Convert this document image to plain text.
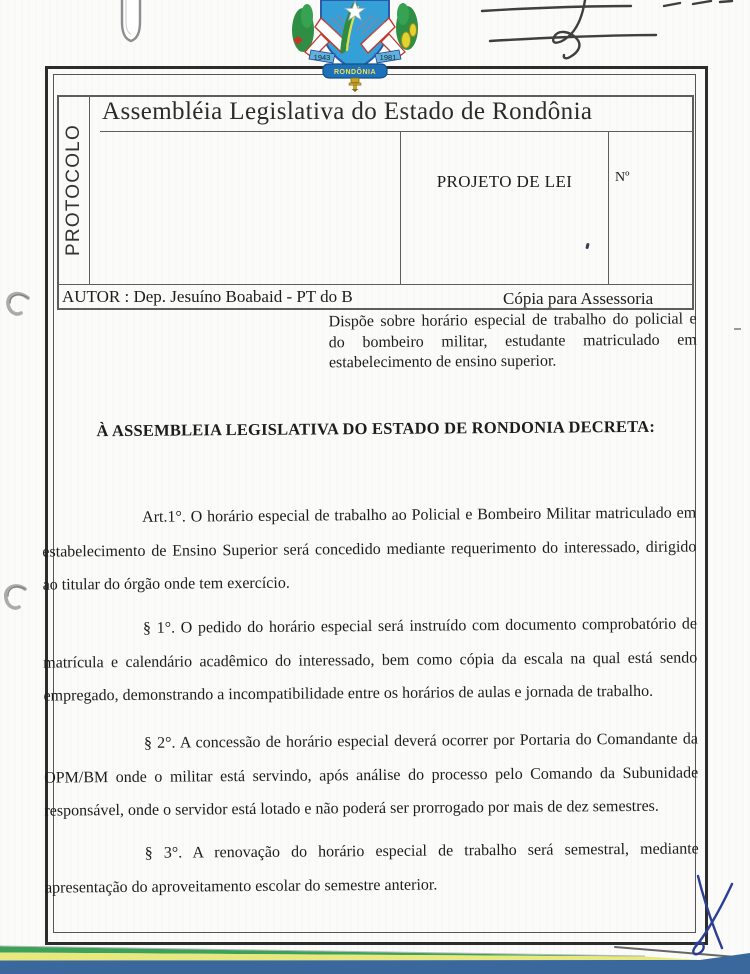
Assembléia Legislativa do Estado de Rondônia
PROTOCOLO	PROJETO DE LEI	Nº
AUTOR : Dep. Jesuíno Boabaid - PT do B	Cópia para Assessoria
Dispõe sobre horário especial de trabalho do policial e do bombeiro militar, estudante matriculado em estabelecimento de ensino superior.
À ASSEMBLEIA LEGISLATIVA DO ESTADO DE RONDONIA DECRETA:

Art.1°. O horário especial de trabalho ao Policial e Bombeiro Militar matriculado em estabelecimento de Ensino Superior será concedido mediante requerimento do interessado, dirigido ao titular do órgão onde tem exercício.

§ 1°. O pedido do horário especial será instruído com documento comprobatório de matrícula e calendário acadêmico do interessado, bem como cópia da escala na qual está sendo empregado, demonstrando a incompatibilidade entre os horários de aulas e jornada de trabalho.

§ 2°. A concessão de horário especial deverá ocorrer por Portaria do Comandante da OPM/BM onde o militar está servindo, após análise do processo pelo Comando da Subunidade responsável, onde o servidor está lotado e não poderá ser prorrogado por mais de dez semestres.

§ 3°. A renovação do horário especial de trabalho será semestral, mediante apresentação do aproveitamento escolar do semestre anterior.

1943	1981
RONDÔNIA
